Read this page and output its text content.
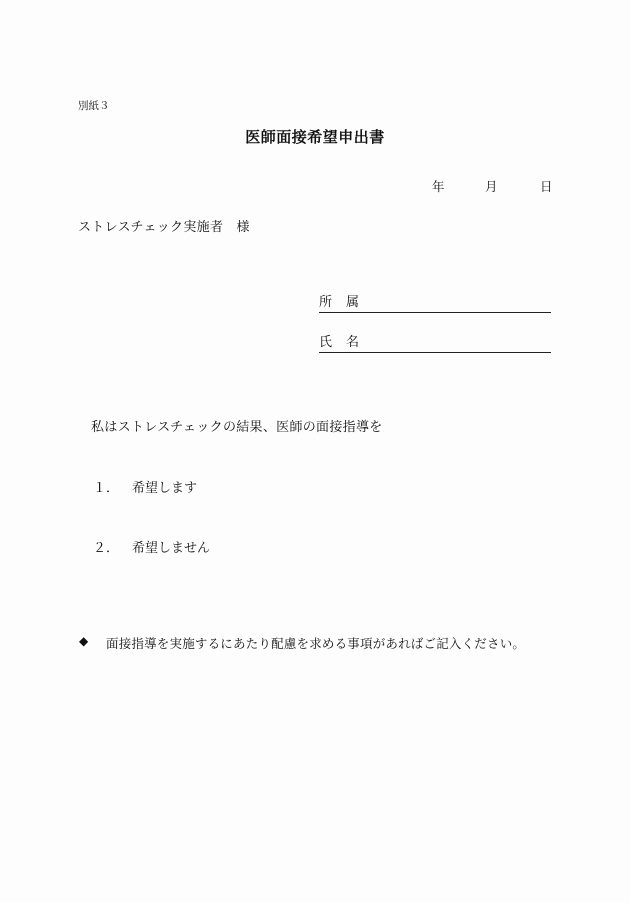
別紙３
医師面接希望申出書
年	月	日
ストレスチェック実施者　様
所属
氏名
私はストレスチェックの結果、医師の面接指導を
１． 希望します
２． 希望しません
◆ 面接指導を実施するにあたり配慮を求める事項があればご記入ください。
